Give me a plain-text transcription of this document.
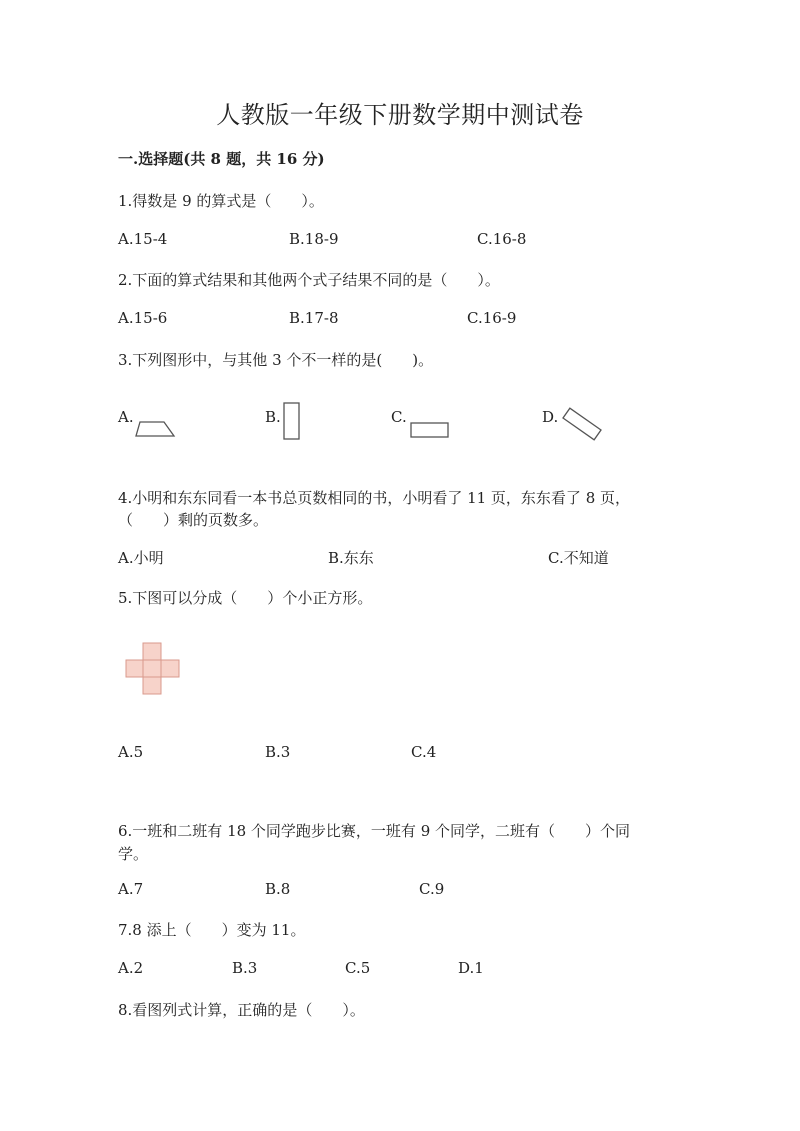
人教版一年级下册数学期中测试卷
一.选择题(共 8 题，共 16 分)
1.得数是 9 的算式是（　　）。
A.15-4	B.18-9	C.16-8
2.下面的算式结果和其他两个式子结果不同的是（　　）。
A.15-6	B.17-8	C.16-9
3.下列图形中，与其他 3 个不一样的是(　　)。
A.	B.	C.	D.
4.小明和东东同看一本书总页数相同的书，小明看了 11 页，东东看了 8 页，
（　　）剩的页数多。
A.小明	B.东东	C.不知道
5.下图可以分成（　　）个小正方形。
A.5	B.3	C.4
6.一班和二班有 18 个同学跑步比赛，一班有 9 个同学，二班有（　　）个同
学。
A.7	B.8	C.9
7.8 添上（　　）变为 11。
A.2	B.3	C.5	D.1
8.看图列式计算，正确的是（　　）。
